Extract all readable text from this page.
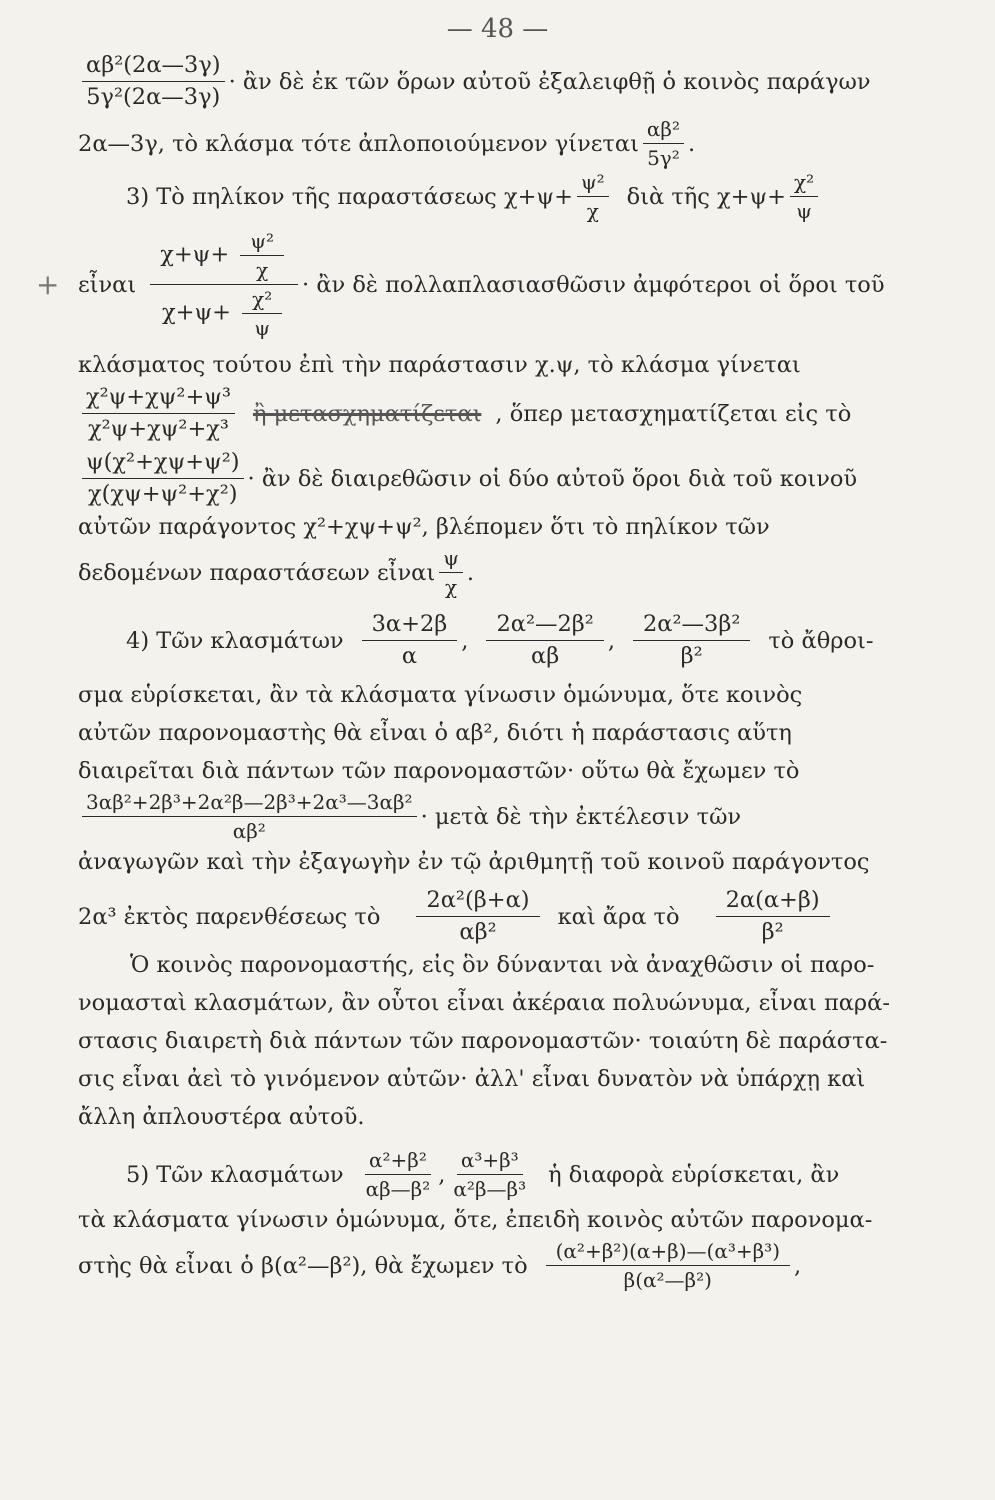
— 48 —
+
$\frac{\text{αβ²(2α—3γ)}}{\text{5γ²(2α—3γ)}}$ · ἂν δὲ ἐκ τῶν ὅρων αὐτοῦ ἐξαλειφθῇ ὁ κοινὸς παράγων
2α—3γ, τὸ κλάσμα τότε ἀπλοποιούμενον γίνεται $\frac{\text{αβ²}}{\text{5γ²}}$ .
3) Τὸ πηλίκον τῆς παραστάσεως $\chi+\psi+ \frac{\text{ψ²}}{\chi}$ διὰ τῆς $\chi+\psi+ \frac{\text{χ²}}{\psi}$
εἶναι $\frac{\chi+\psi+ \frac{\text{ψ²}}{\chi}}{\chi+\psi+ \frac{\text{χ²}}{\psi}}$ · ἂν δὲ πολλαπλασιασθῶσιν ἀμφότεροι οἱ ὅροι τοῦ
κλάσματος τούτου ἐπὶ τὴν παράστασιν χ.ψ, τὸ κλάσμα γίνεται
$\frac{\text{χ²ψ+χψ²+ψ³}}{\text{χ²ψ+χψ²+χ³}}$ ἢ μετασχηματίζεται , ὅπερ μετασχηματίζεται εἰς τὸ
$\frac{\text{ψ(χ²+χψ+ψ²)}}{\text{χ(χψ+ψ²+χ²)}}$ · ἂν δὲ διαιρεθῶσιν οἱ δύο αὐτοῦ ὅροι διὰ τοῦ κοινοῦ
αὐτῶν παράγοντος χ²+χψ+ψ², βλέπομεν ὅτι τὸ πηλίκον τῶν
δεδομένων παραστάσεων εἶναι $\frac{\psi}{\chi}$ .
4) Τῶν κλασμάτων $\frac{3\alpha+2\beta}{\alpha}$ , $\frac{\text{2α²—2β²}}{\alpha\beta}$ , $\frac{\text{2α²—3β²}}{\text{β²}}$ τὸ ἄθροι-
σμα εὑρίσκεται, ἂν τὰ κλάσματα γίνωσιν ὁμώνυμα, ὅτε κοινὸς
αὐτῶν παρονομαστὴς θὰ εἶναι ὁ αβ², διότι ἡ παράστασις αὕτη
διαιρεῖται διὰ πάντων τῶν παρονομαστῶν· οὕτω θὰ ἔχωμεν τὸ
$\frac{\text{3αβ²+2β³+2α²β—2β³+2α³—3αβ²}}{\text{αβ²}}$ · μετὰ δὲ τὴν ἐκτέλεσιν τῶν
ἀναγωγῶν καὶ τὴν ἐξαγωγὴν ἐν τῷ ἀριθμητῇ τοῦ κοινοῦ παράγοντος
2α³ ἐκτὸς παρενθέσεως τὸ $\frac{\text{2α²(β+α)}}{\text{αβ²}}$ καὶ ἄρα τὸ $\frac{2\alpha(\alpha+\beta)}{\text{β²}}$
Ὁ κοινὸς παρονομαστής, εἰς ὃν δύνανται νὰ ἀναχθῶσιν οἱ παρο-
νομασταὶ κλασμάτων, ἂν οὗτοι εἶναι ἀκέραια πολυώνυμα, εἶναι παρά-
στασις διαιρετὴ διὰ πάντων τῶν παρονομαστῶν· τοιαύτη δὲ παράστα-
σις εἶναι ἀεὶ τὸ γινόμενον αὐτῶν· ἀλλ' εἶναι δυνατὸν νὰ ὑπάρχῃ καὶ
ἄλλη ἀπλουστέρα αὐτοῦ.
5) Τῶν κλασμάτων $\frac{\text{α²+β²}}{\text{αβ—β²}}$ , $\frac{\text{α³+β³}}{\text{α²β—β³}}$ ἡ διαφορὰ εὑρίσκεται, ἂν
τὰ κλάσματα γίνωσιν ὁμώνυμα, ὅτε, ἐπειδὴ κοινὸς αὐτῶν παρονομα-
στὴς θὰ εἶναι ὁ β(α²—β²), θὰ ἔχωμεν τὸ $\frac{\text{(α²+β²)(α+β)—(α³+β³)}}{\text{β(α²—β²)}}$ ,
